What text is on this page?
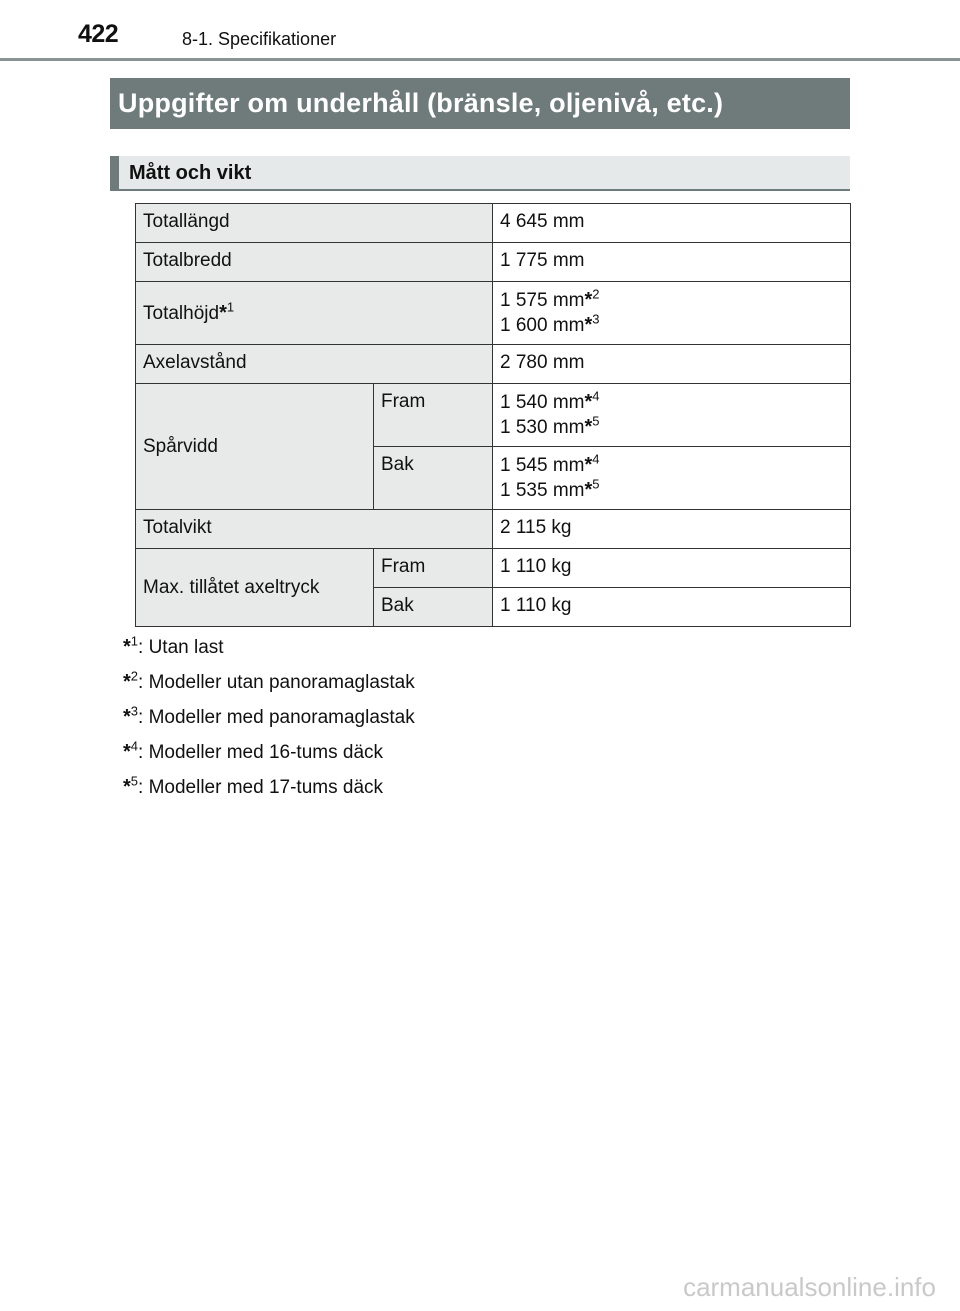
422	8-1. Specifikationer
Uppgifter om underhåll (bränsle, oljenivå, etc.)
Mått och vikt
Totallängd		4 645 mm
Totalbredd		1 775 mm
Totalhöjd*$^1$		1 575 mm*$^2$
1 600 mm*$^3$

Axelavstånd		2 780 mm
Spårvidd	Fram	1 540 mm*$^4$
1 530 mm*$^5$

	Bak	1 545 mm*$^4$
1 535 mm*$^5$

Totalvikt		2 115 kg
Max. tillåtet axeltryck	Fram	1 110 kg
	Bak	1 110 kg
*$^1$: Utan last
*$^2$: Modeller utan panoramaglastak
*$^3$: Modeller med panoramaglastak
*$^4$: Modeller med 16-tums däck
*$^5$: Modeller med 17-tums däck
carmanualsonline.info
